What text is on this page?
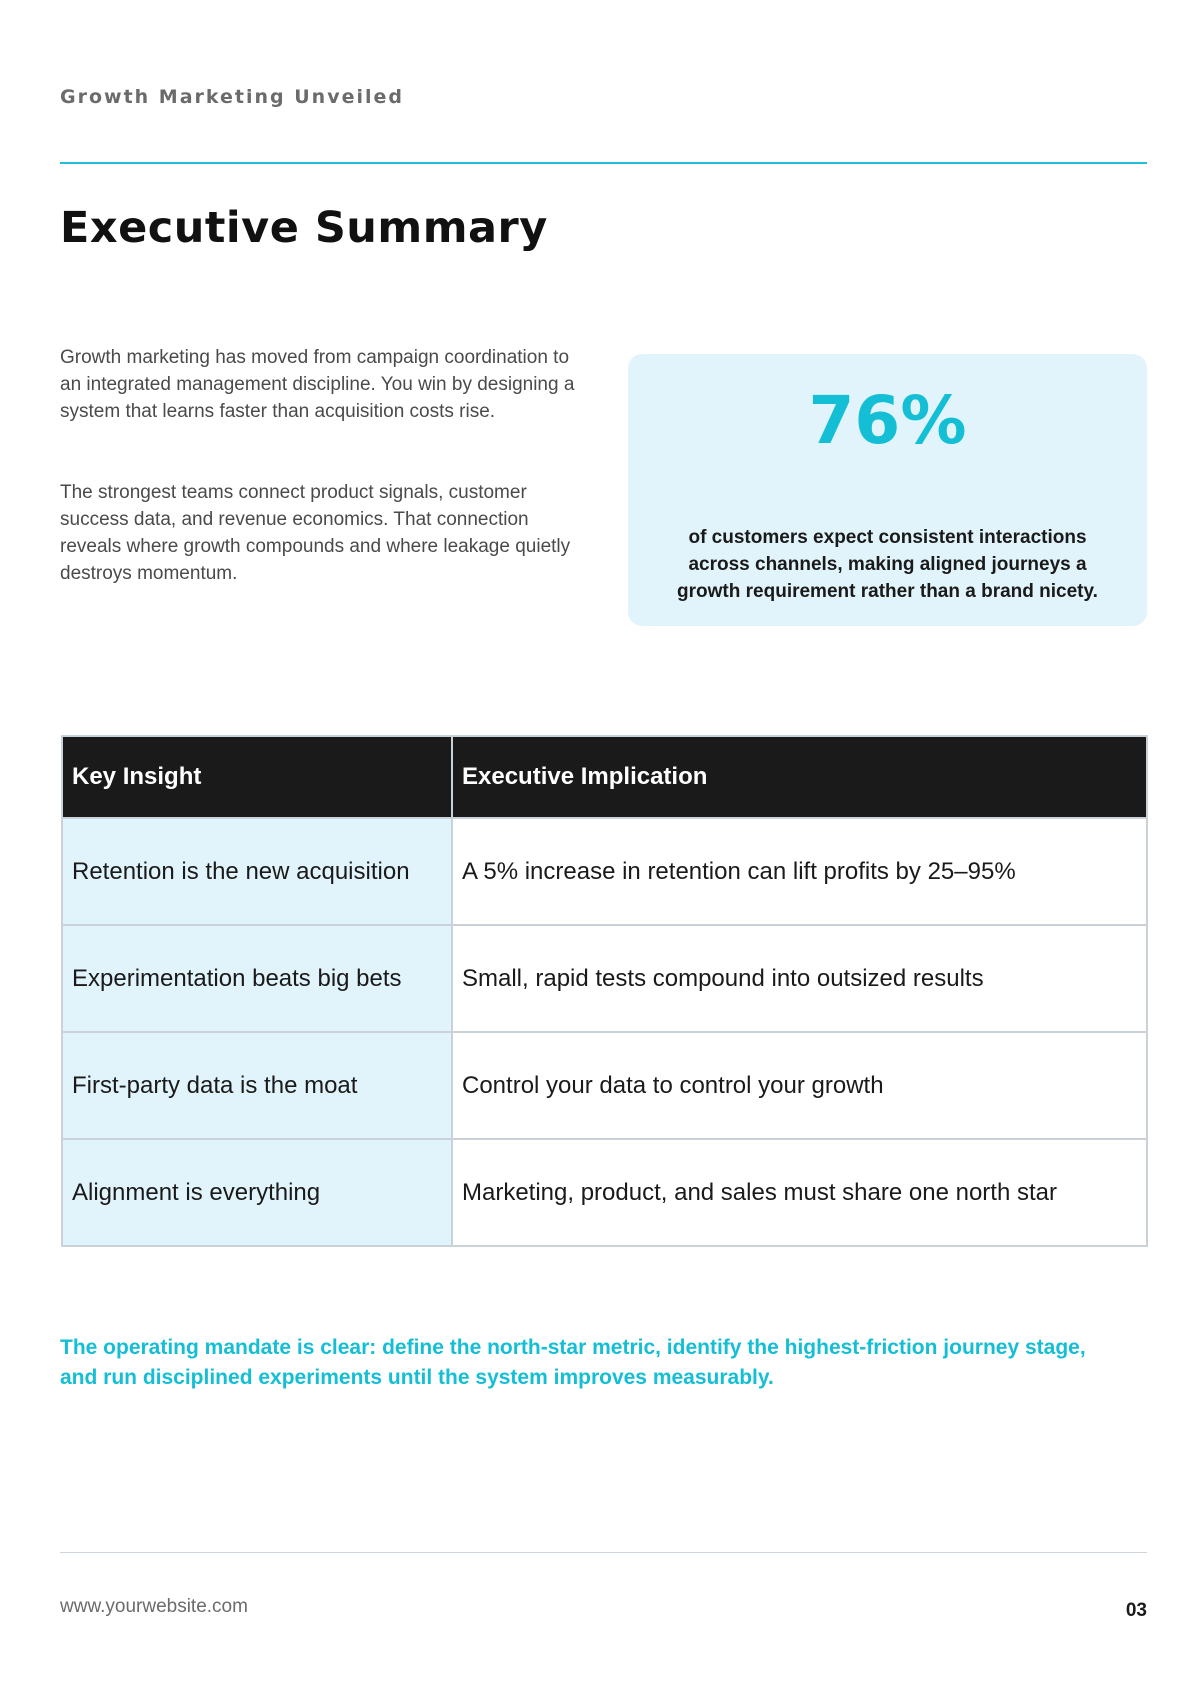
Growth Marketing Unveiled
Executive Summary

Growth marketing has moved from campaign coordination to an integrated management discipline. You win by designing a system that learns faster than acquisition costs rise.

The strongest teams connect product signals, customer success data, and revenue economics. That connection reveals where growth compounds and where leakage quietly destroys momentum.

76%
of customers expect consistent interactions across channels, making aligned journeys a growth requirement rather than a brand nicety.
Key Insight	Executive Implication
Retention is the new acquisition	A 5% increase in retention can lift profits by 25–95%
Experimentation beats big bets	Small, rapid tests compound into outsized results
First-party data is the moat	Control your data to control your growth
Alignment is everything	Marketing, product, and sales must share one north star
The operating mandate is clear: define the north-star metric, identify the highest-friction journey stage, and run disciplined experiments until the system improves measurably.
www.yourwebsite.com	03
